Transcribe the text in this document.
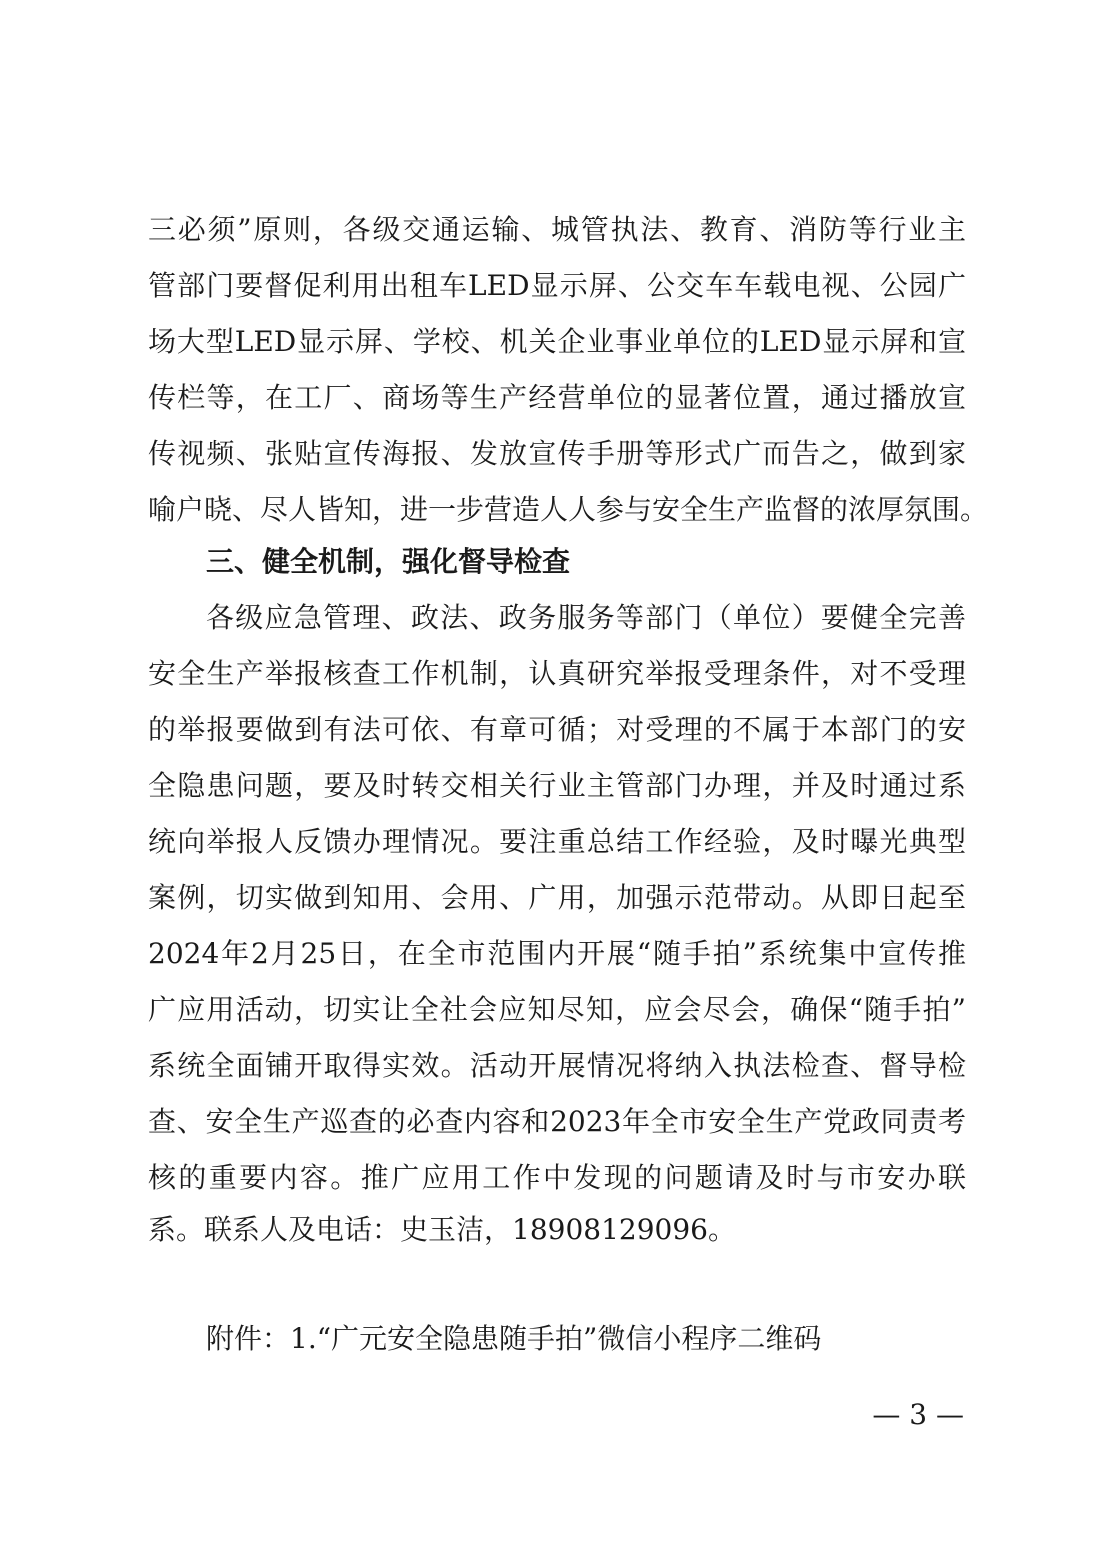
三必须”原则，各级交通运输、城管执法、教育、消防等行业主
管部门要督促利用出租车LED显示屏、公交车车载电视、公园广
场大型LED显示屏、学校、机关企业事业单位的LED显示屏和宣
传栏等，在工厂、商场等生产经营单位的显著位置，通过播放宣
传视频、张贴宣传海报、发放宣传手册等形式广而告之，做到家
喻户晓、尽人皆知，进一步营造人人参与安全生产监督的浓厚氛围。
三、健全机制，强化督导检查
各级应急管理、政法、政务服务等部门（单位）要健全完善
安全生产举报核查工作机制，认真研究举报受理条件，对不受理
的举报要做到有法可依、有章可循；对受理的不属于本部门的安
全隐患问题，要及时转交相关行业主管部门办理，并及时通过系
统向举报人反馈办理情况。要注重总结工作经验，及时曝光典型
案例，切实做到知用、会用、广用，加强示范带动。从即日起至
2024年2月25日，在全市范围内开展“随手拍”系统集中宣传推
广应用活动，切实让全社会应知尽知，应会尽会，确保“随手拍”
系统全面铺开取得实效。活动开展情况将纳入执法检查、督导检
查、安全生产巡查的必查内容和2023年全市安全生产党政同责考
核的重要内容。推广应用工作中发现的问题请及时与市安办联
系。联系人及电话：史玉洁，18908129096。
附件：1.“广元安全隐患随手拍”微信小程序二维码
— 3 —
